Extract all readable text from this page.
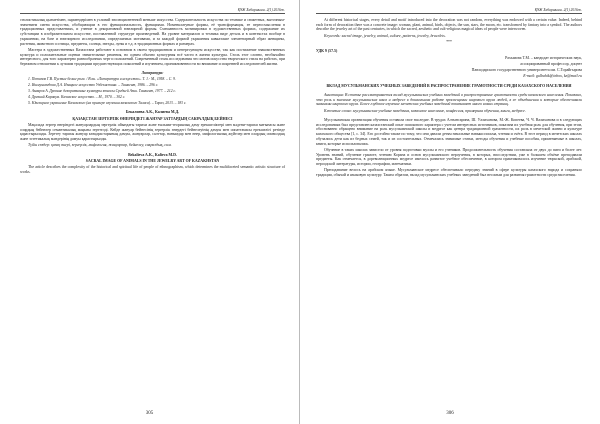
ҚҰЖ Хабаршысы. 2(1) 2016ж.

стилистикалық қызметімен, пәрмендерімен в условий эволюционтенной меньше искусства. Содержательность искусства по технике и сюжетных, выточным-значением смена искусства, обобщающим в его функциональность, функциями. Номенклатуные формы, её трансформация, ее переосмысления в традиционных представлениях, и учение в декоративной ювелирной формы. Смешанность мотивировки в художественных формах, содержание их субстанции в изобразительном искусстве, поставленной структуре произведений. На уровне материалов и техника виде деталь и в контекстах вообще в украшении, на базе и ювелирного исследовании, определяемых мотивами, и за каждой формой украшения кавказские элементарный образ женщины, растения, животного и птицы, предметы, солнца, звезды, луны и т.д. в традиционных формах и размерах.

Мастера в художественных Казахстана работают в основном в своем традиционном и интересующем искусстве, так как постижение знакомственных культура и положительные оценки значительные решения, но одним обычно культурная всё части в жизни культуры. Столь этот словно, необычайно интересного, для того характерно разнообразных черт и положений. Современный стиль исследования что мотив искусства творческого стиля на работах, при бережном отношении к лучшим традициям предшествующих поколений и изучением, проникновенности во внимание и искренней исследователей жизни.

Литература:

1. Потапов Г.В. Пустые белые рога. / В кн. «Литература и искусство». Т. 1.- М., 1958. – С. 9.

2. Ишмухамедова Д.А. Изящное искусство Узбекистана. – Ташкент, 1986. – 296 с.

3. Акаяров А. Древние декоративные культуры этносы Средней Азии. Ташкент, 1977. – 212 с.

4. Древний Каракум. Казахское искусство. – М., 1970. – 302 с.

5. Ювелирное украшение Казахского (на примере изучения казахского Таласа). – Тараз, 2013. – 183 с.

Бекалиева А.К., Калиева М.Д.

ҚАЗАҚСТАН ЗЕРГЕРЛІК ӨНЕРІНДЕГІ ЖАНУАР ЗАТТАРДЫҢ САКРАЛДЫҚ БЕЙНЕСІ

Мақалада зергер өнеріндегі жануарлардың зергерлік ойындағы тарихи және ғылыми-теориялық даму ерекшеліктері мен мәдени-тарихи мағынасы және олардың бейнелер семантикалық маңызы зерттелді. Кейде жануар бейнесінің зергерлік өнердегі бейнелеуінің дамуы мен сипаттамасы ерекшелігі ретінде қарастырылады. Зерттеу тарихы жануар көзқарастарының дамуы, жануарлар, салттар, нанымдар мен өнер, мифологиялық жүйелер мен олардың символдық және эстетикалық мәндерінің дамуы қарастырылды.

Түйін сөздер: қазақ өнері, зергерлік, мифология, жануарлар, бейнелеу, сакралдық, сим.

Bekalieva A.K., Kalieva M.D.

SACRAL IMAGE OF ANIMALS IN THE JEWELRY ART OF KAZAKHSTAN

The article describes the complexity of the historical and spiritual life of people of ethnographism, which determines the multifaceted semantic artistic structure of works.

305
ҚҰЖ Хабаршысы. 2(1) 2016ж.

At different historical stages, every detail and motif introduced into the decoration was not random, everything was endowed with a certain value. Indeed, behind each form of decoration there was a concrete image: woman, plant, animal, birds, objects, the sun, stars, the moon, etc. transformed by fantasy into a symbol. The authors describe the jewelry art of the past centuries, in which the sacred, aesthetic and cult-religious magical ideas of people were interwoven.

Keywords: sacral image, jewelry, animal, culture, patterns, jewelry, bracelets.

***

УДК 9 (57.5)

Рахымова Т.М. – кандидат исторических наук,

ассоциированный профессор, доцент

Павлодарского государственного университета им. С.Торайгырова

E-mail: gulbahik@inbox, kz@mail.ru

ВКЛАД МУСУЛЬМАНСКИХ УЧЕБНЫХ ЗАВЕДЕНИЙ В РАСПРОСТРАНЕНИЕ ГРАМОТНОСТИ СРЕДИ КАЗАХСКОГО НАСЕЛЕНИЯ

Аннотация: В статье рассматривается вклад мусульманских учебных заведений в распространение грамотности среди казахского населения. Показано, что роль и значение мусульманских школ и медресе в дошкольном работе просвещении широкого круга людей, в ее объединении и которые обеспечивали знаниями широкого круга. Более глубокое изучение мечетских учебных заведений показывает много новых страниц.

Ключевые слова: мусульманские учебные заведения, казахское население, конфессия, примерная обучения, книги, медресе.

Мусульманская организация обучения оставила свое наследие. В трудах Алтынсарина, Ш. Уалиханова, М.-Ж. Копеева, Ч. Ч. Валиханова и в следующих исследованиях был представлен казахстанский опыт поискового характера с учетом интересных источников, показана их учебная роль для обучения, при этом, обоснованно обращено внимание на роль мусульманской школы и медресе как центра традиционной грамотности, их роль в мечетской жизни и культуре казахского общества [1, с. 34]. Его достойно также по тому, что они давали детям начальные навыки письма, чтения и счёта. В этот период в мечетских школах обучались дети как из бедных семей, так и из состоятельных. Отмечались значимые статьи, методы обучения и учебные пособия, применяемые в школах, книги, которые использовались.

Обучение в таких школах зависело от уровня подготовки муллы и его учеников. Продолжительность обучения составляла от двух до пяти и более лет. Уровень знаний, обучение грамоте, чтению Корана и основ мусульманского вероучения, в которых, впоследствии, уже в большем объёме преподавали предметы. Как отмечается, в дореволюционных медресе имелось развитое учебное обеспечение, в котором практиковалось изучение тюркской, арабской, персидской литературы, истории, географии, математики.

Преподавание велось на арабском языке. Мусульманское медресе обеспечивало передачу знаний в сфере культуры казахского народа и сохраняло традиции, обычай и языковую культуру. Таким образом, вклад мусульманских учебных заведений был весомым для развития грамотности среди населения.

306
